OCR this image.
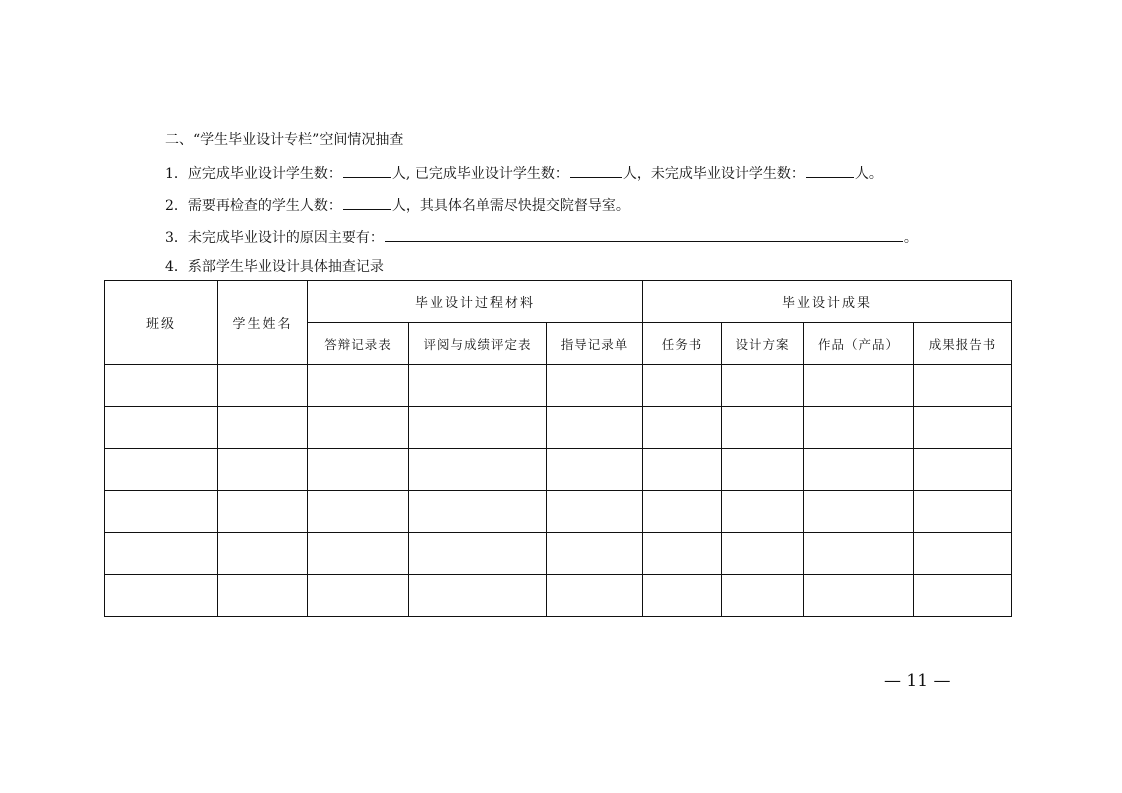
二、“学生毕业设计专栏”空间情况抽查
1．应完成毕业设计学生数：	人, 已完成毕业设计学生数：	人，未完成毕业设计学生数：	人。
2．需要再检查的学生人数：	人，其具体名单需尽快提交院督导室。
3．未完成毕业设计的原因主要有：	。
4．系部学生毕业设计具体抽查记录
班级	学生姓名	毕业设计过程材料			毕业设计成果			
		答辩记录表	评阅与成绩评定表	指导记录单	任务书	设计方案	作品（产品）	成果报告书

— 11 —
